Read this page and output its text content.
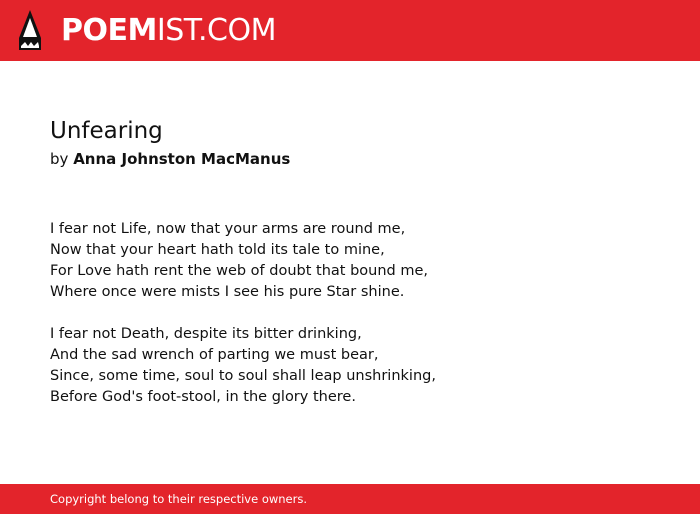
POEMIST.COM
Unfearing
by Anna Johnston MacManus
I fear not Life, now that your arms are round me,
Now that your heart hath told its tale to mine,
For Love hath rent the web of doubt that bound me,
Where once were mists I see his pure Star shine.
I fear not Death, despite its bitter drinking,
And the sad wrench of parting we must bear,
Since, some time, soul to soul shall leap unshrinking,
Before God's foot-stool, in the glory there.
Copyright belong to their respective owners.
